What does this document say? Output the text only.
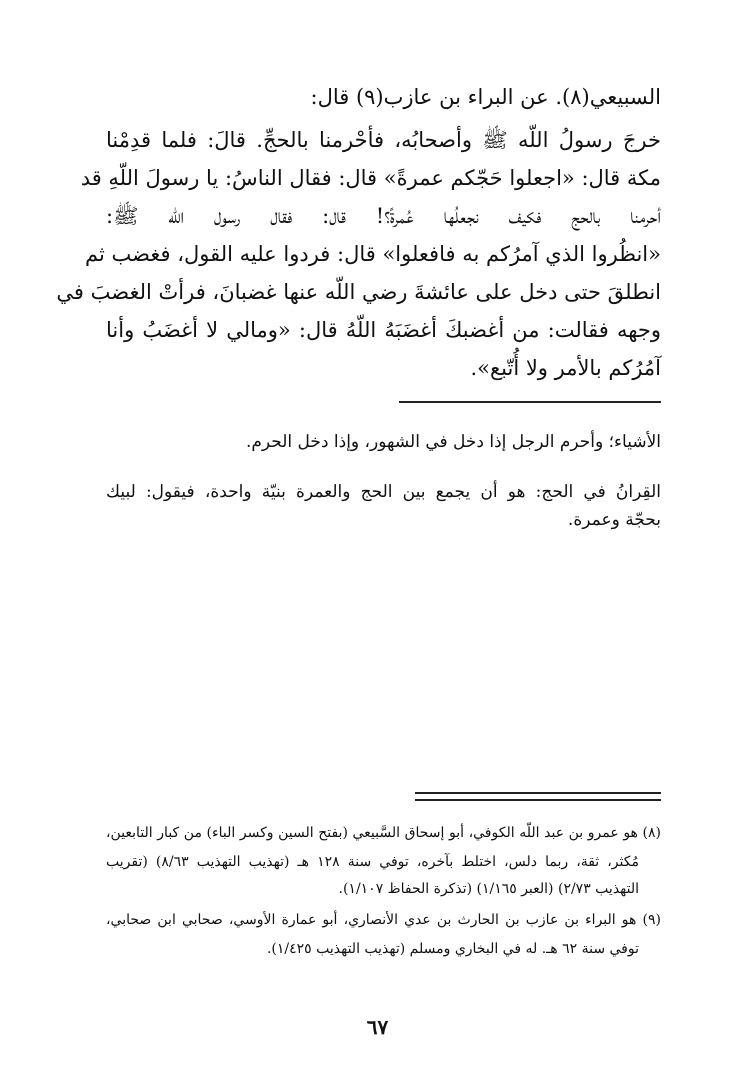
السبيعي(٨). عن البراء بن عازب(٩) قال:
خرجَ رسولُ اللّه ﷺ وأصحابُه، فأحْرمنا بالحجِّ. قالَ: فلما قدِمْنا
مكة قال: «اجعلوا حَجّكم عمرةً» قال: فقال الناسُ: يا رسولَ اللّهِ قد
أحرمنا بالحج فكيف نجعلُها عُمرةً؟! قال: فقال رسول اللّه ﷺ:
«انظُروا الذي آمرُكم به فافعلوا» قال: فردوا عليه القول، فغضب ثم
انطلقَ حتى دخل على عائشةَ رضي اللّه عنها غضبانَ، فرأتْ الغضبَ في
وجهه فقالت: من أغضبكَ أغضَبَهُ اللّهُ قال: «ومالي لا أغضَبُ وأنا
آمُرُكم بالأمر ولا أُتّبع».
الأشياء؛ وأحرم الرجل إذا دخل في الشهور، وإذا دخل الحرم.
القِرانُ في الحج: هو أن يجمع بين الحج والعمرة بنيّة واحدة، فيقول: لبيك
بحجّة وعمرة.
(٨) هو عمرو بن عبد اللّه الكوفي، أبو إسحاق السَّبيعي (بفتح السين وكسر الباء) من كبار التابعين،
مُكثر، ثقة، ربما دلس، اختلط بآخره، توفي سنة ١٢٨ هـ (تهذيب التهذيب ٨/٦٣) (تقريب
التهذيب ٢/٧٣) (العبر ١/١٦٥) (تذكرة الحفاظ ١/١٠٧).
(٩) هو البراء بن عازب بن الحارث بن عدي الأنصاري، أبو عمارة الأوسي، صحابي ابن صحابي،
توفي سنة ٦٢ هـ. له في البخاري ومسلم (تهذيب التهذيب ١/٤٢٥).
٦٧
